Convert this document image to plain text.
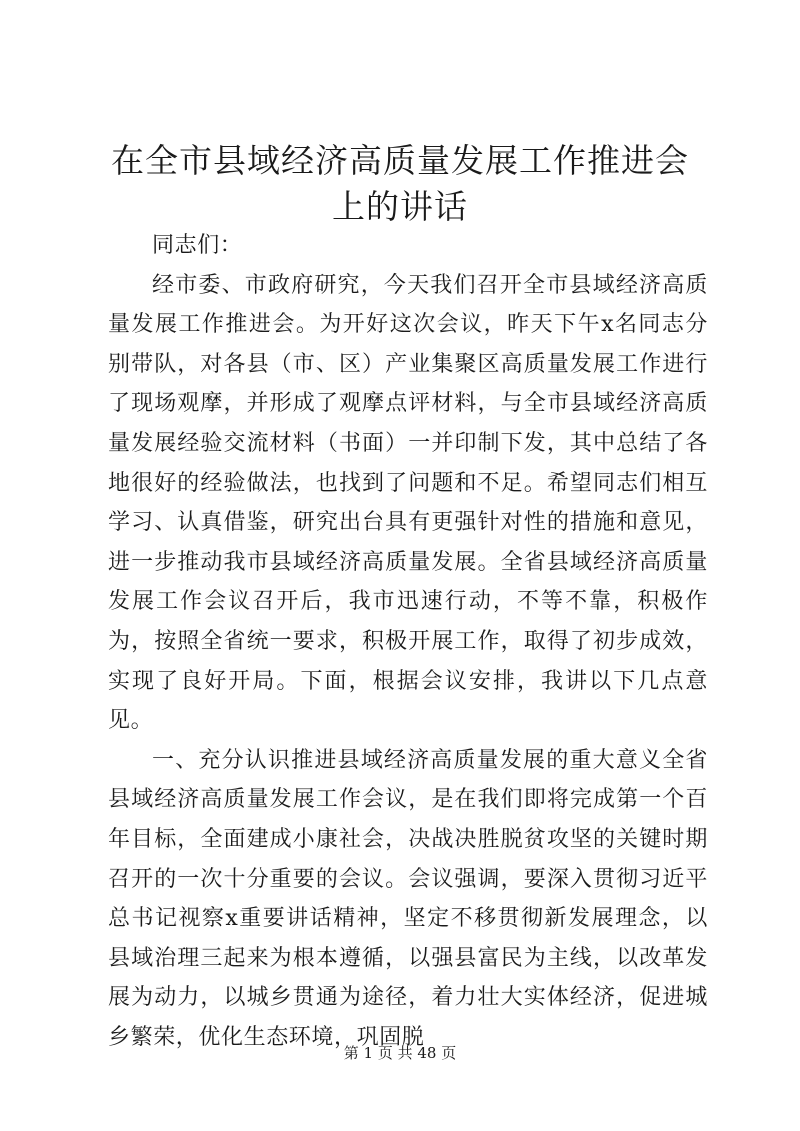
在全市县域经济高质量发展工作推进会上的讲话

同志们：

经市委、市政府研究，今天我们召开全市县域经济高质量发展工作推进会。为开好这次会议，昨天下午x名同志分别带队，对各县（市、区）产业集聚区高质量发展工作进行了现场观摩，并形成了观摩点评材料，与全市县域经济高质量发展经验交流材料（书面）一并印制下发，其中总结了各地很好的经验做法，也找到了问题和不足。希望同志们相互学习、认真借鉴，研究出台具有更强针对性的措施和意见，进一步推动我市县域经济高质量发展。全省县域经济高质量发展工作会议召开后，我市迅速行动，不等不靠，积极作为，按照全省统一要求，积极开展工作，取得了初步成效，实现了良好开局。下面，根据会议安排，我讲以下几点意见。

一、充分认识推进县域经济高质量发展的重大意义全省县域经济高质量发展工作会议，是在我们即将完成第一个百年目标，全面建成小康社会，决战决胜脱贫攻坚的关键时期召开的一次十分重要的会议。会议强调，要深入贯彻习近平总书记视察x重要讲话精神，坚定不移贯彻新发展理念，以县域治理三起来为根本遵循，以强县富民为主线，以改革发展为动力，以城乡贯通为途径，着力壮大实体经济，促进城乡繁荣，优化生态环境，巩固脱

第 1 页 共 48 页
